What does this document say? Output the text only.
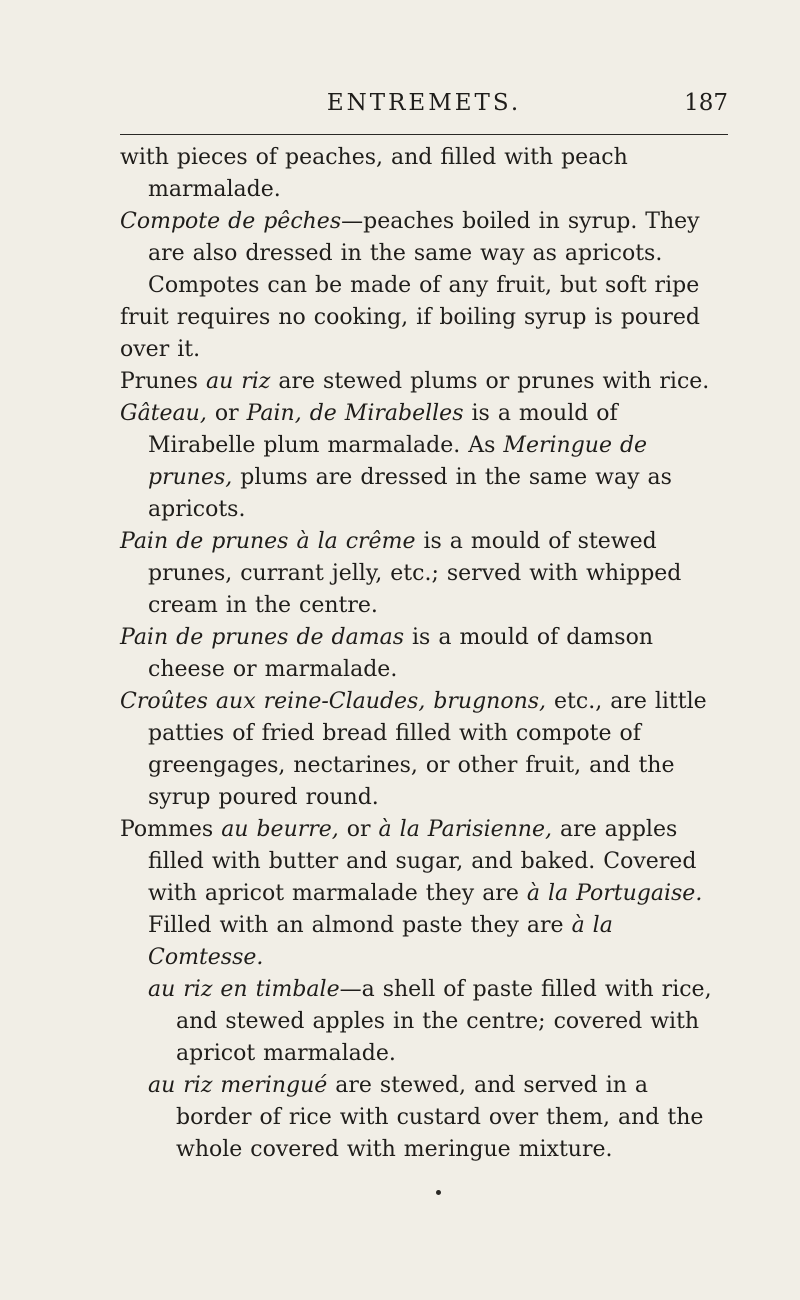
ENTREMETS.	187

with pieces of peaches, and filled with peach marmalade.

Compote de pêches—peaches boiled in syrup. They are also dressed in the same way as apricots.

Compotes can be made of any fruit, but soft ripe fruit requires no cooking, if boiling syrup is poured over it.

Prunes au riz are stewed plums or prunes with rice.

Gâteau, or Pain, de Mirabelles is a mould of Mirabelle plum marmalade. As Meringue de prunes, plums are dressed in the same way as apricots.

Pain de prunes à la crême is a mould of stewed prunes, currant jelly, etc.; served with whipped cream in the centre.

Pain de prunes de damas is a mould of damson cheese or marmalade.

Croûtes aux reine-Claudes, brugnons, etc., are little patties of fried bread filled with compote of greengages, nectarines, or other fruit, and the syrup poured round.

Pommes au beurre, or à la Parisienne, are apples filled with butter and sugar, and baked. Covered with apricot marmalade they are à la Portugaise. Filled with an almond paste they are à la Comtesse.

au riz en timbale—a shell of paste filled with rice, and stewed apples in the centre; covered with apricot marmalade.

au riz meringué are stewed, and served in a border of rice with custard over them, and the whole covered with meringue mixture.
